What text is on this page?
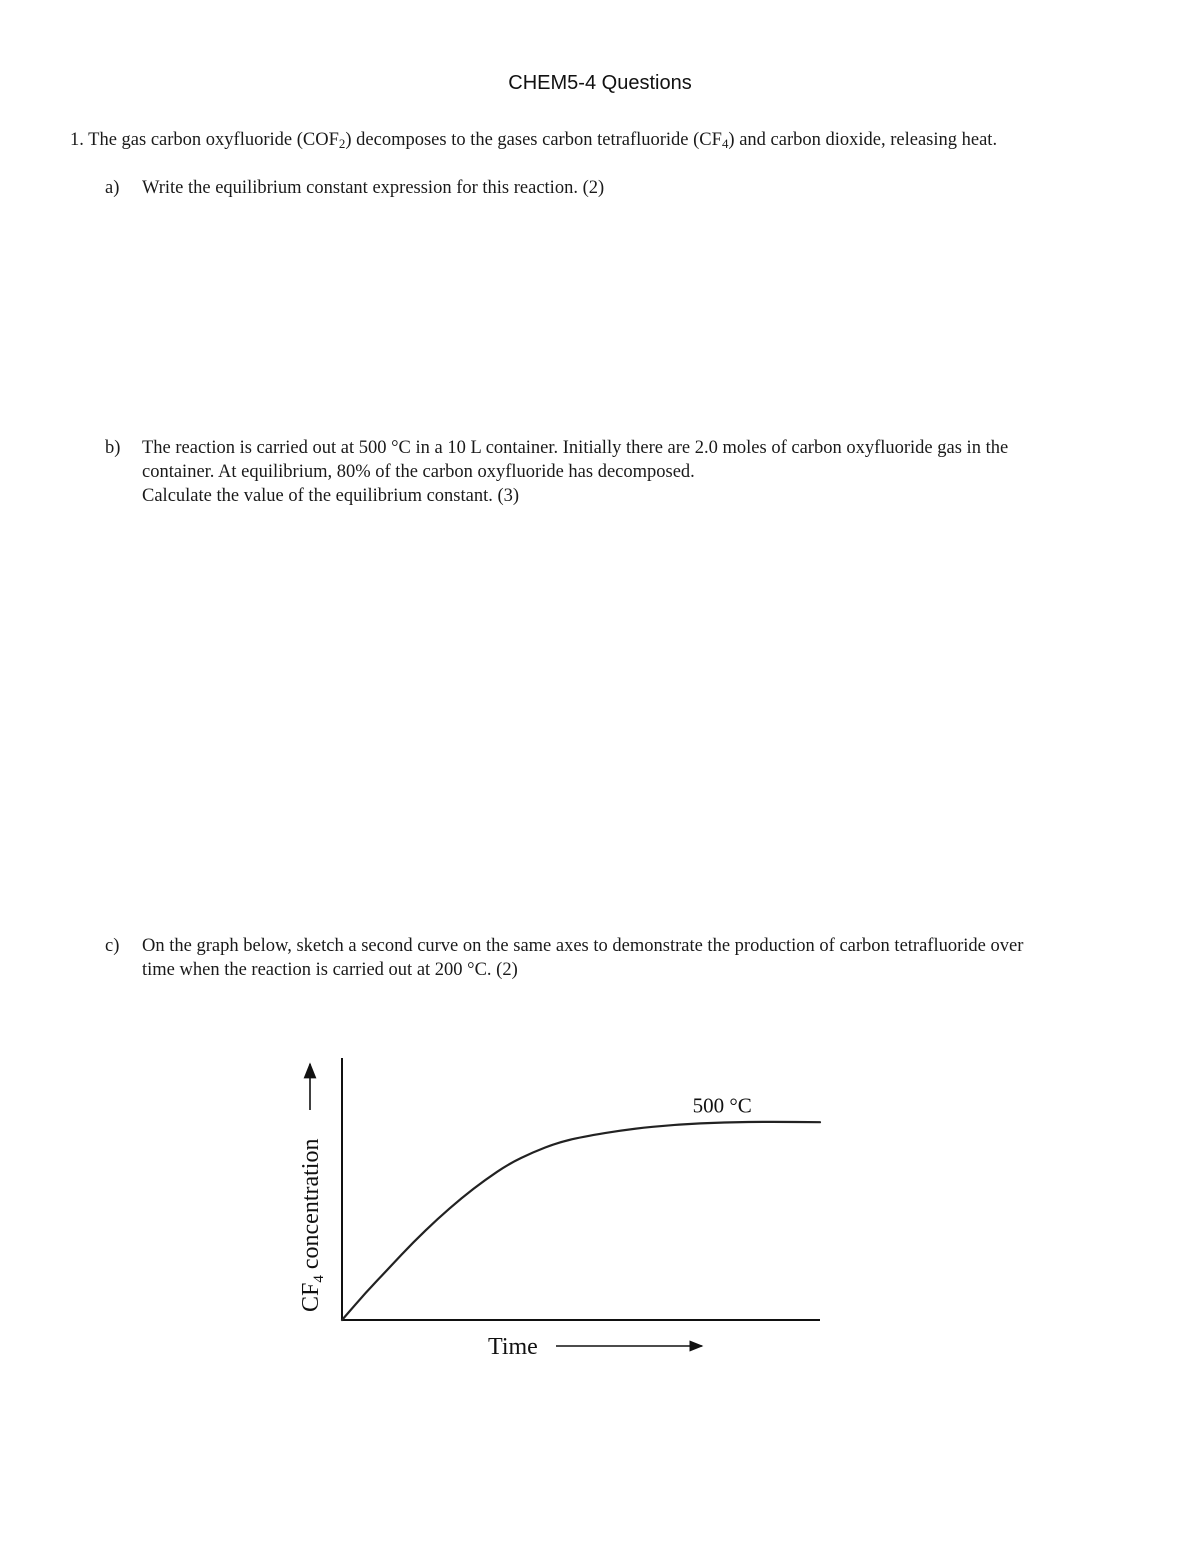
CHEM5-4 Questions
1. The gas carbon oxyfluoride $(COF_2)$ decomposes to the gases carbon tetrafluoride $(CF_4)$ and carbon dioxide, releasing heat.
a)	Write the equilibrium constant expression for this reaction. (2)
b)	The reaction is carried out at 500 °C in a 10 L container. Initially there are 2.0 moles of carbon oxyfluoride gas in the
container. At equilibrium, 80% of the carbon oxyfluoride has decomposed.
Calculate the value of the equilibrium constant. (3)
c)	On the graph below, sketch a second curve on the same axes to demonstrate the production of carbon tetrafluoride over
time when the reaction is carried out at 200 °C. (2)
$CF_4$ concentration
Time
500 °C
